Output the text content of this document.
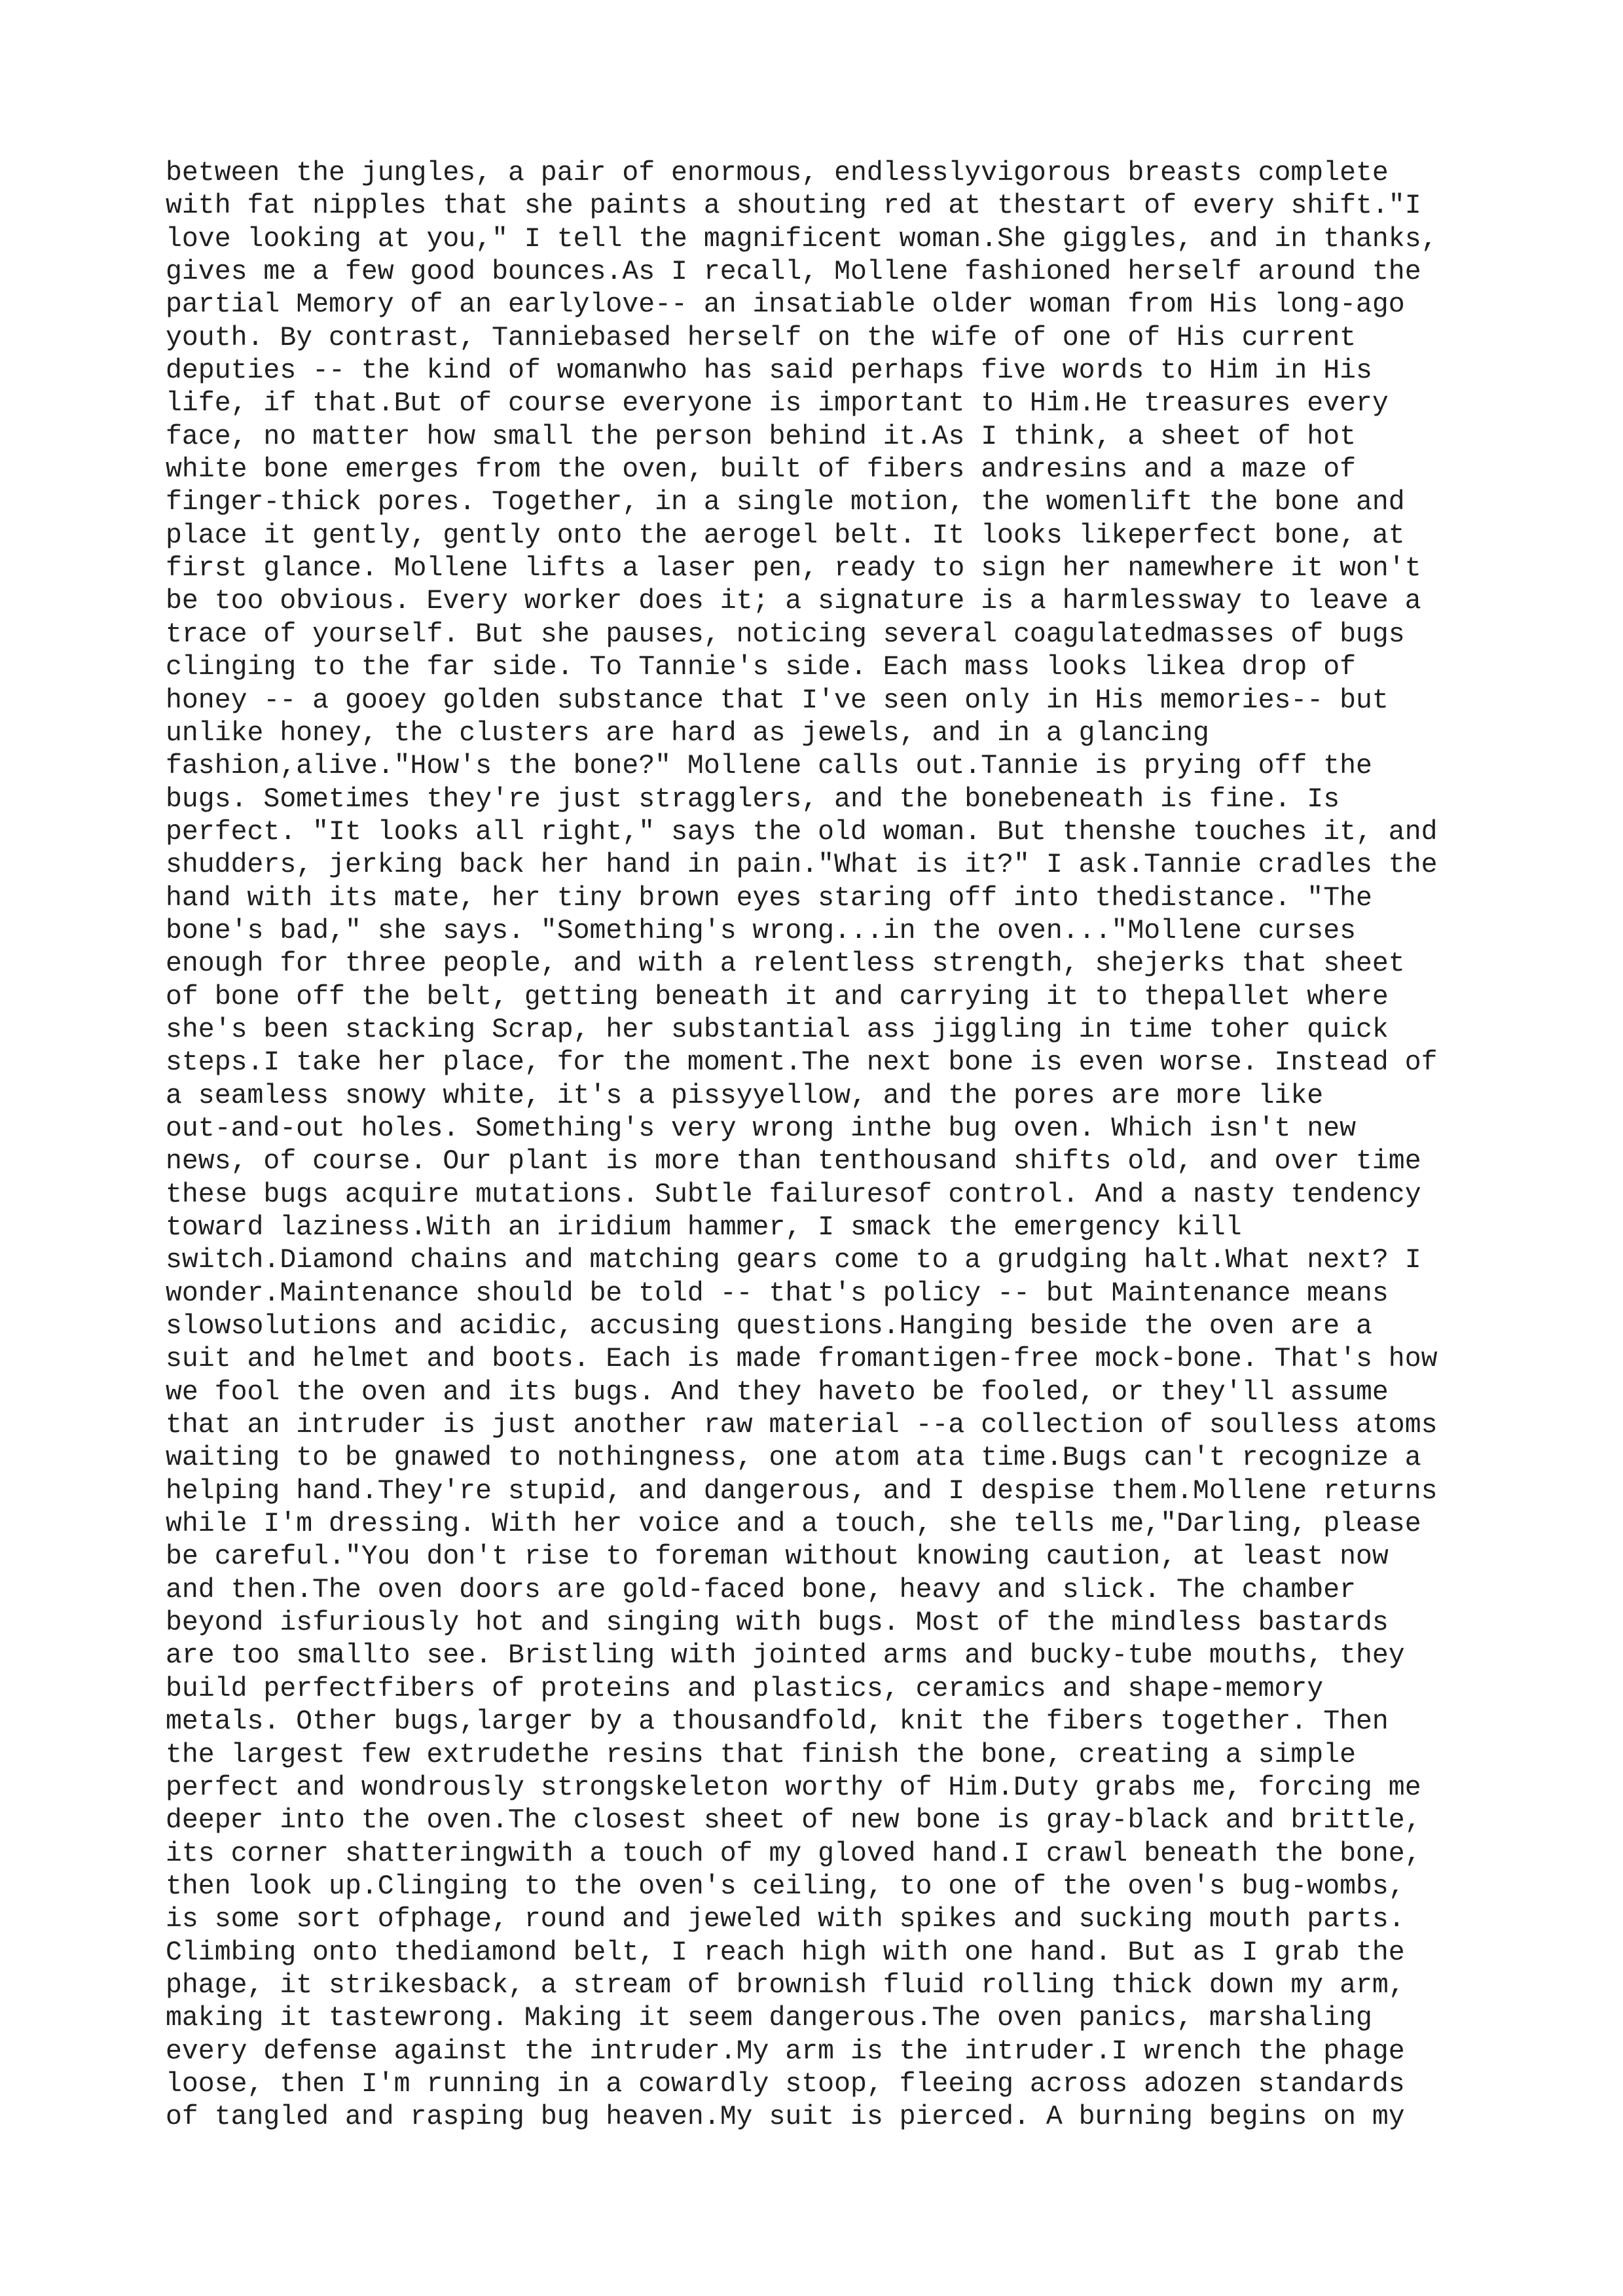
between the jungles, a pair of enormous, endlesslyvigorous breasts complete
with fat nipples that she paints a shouting red at thestart of every shift."I
love looking at you," I tell the magnificent woman.She giggles, and in thanks,
gives me a few good bounces.As I recall, Mollene fashioned herself around the
partial Memory of an earlylove-- an insatiable older woman from His long-ago
youth. By contrast, Tanniebased herself on the wife of one of His current
deputies -- the kind of womanwho has said perhaps five words to Him in His
life, if that.But of course everyone is important to Him.He treasures every
face, no matter how small the person behind it.As I think, a sheet of hot
white bone emerges from the oven, built of fibers andresins and a maze of
finger-thick pores. Together, in a single motion, the womenlift the bone and
place it gently, gently onto the aerogel belt. It looks likeperfect bone, at
first glance. Mollene lifts a laser pen, ready to sign her namewhere it won't
be too obvious. Every worker does it; a signature is a harmlessway to leave a
trace of yourself. But she pauses, noticing several coagulatedmasses of bugs
clinging to the far side. To Tannie's side. Each mass looks likea drop of
honey -- a gooey golden substance that I've seen only in His memories-- but
unlike honey, the clusters are hard as jewels, and in a glancing
fashion,alive."How's the bone?" Mollene calls out.Tannie is prying off the
bugs. Sometimes they're just stragglers, and the bonebeneath is fine. Is
perfect. "It looks all right," says the old woman. But thenshe touches it, and
shudders, jerking back her hand in pain."What is it?" I ask.Tannie cradles the
hand with its mate, her tiny brown eyes staring off into thedistance. "The
bone's bad," she says. "Something's wrong...in the oven..."Mollene curses
enough for three people, and with a relentless strength, shejerks that sheet
of bone off the belt, getting beneath it and carrying it to thepallet where
she's been stacking Scrap, her substantial ass jiggling in time toher quick
steps.I take her place, for the moment.The next bone is even worse. Instead of
a seamless snowy white, it's a pissyyellow, and the pores are more like
out-and-out holes. Something's very wrong inthe bug oven. Which isn't new
news, of course. Our plant is more than tenthousand shifts old, and over time
these bugs acquire mutations. Subtle failuresof control. And a nasty tendency
toward laziness.With an iridium hammer, I smack the emergency kill
switch.Diamond chains and matching gears come to a grudging halt.What next? I
wonder.Maintenance should be told -- that's policy -- but Maintenance means
slowsolutions and acidic, accusing questions.Hanging beside the oven are a
suit and helmet and boots. Each is made fromantigen-free mock-bone. That's how
we fool the oven and its bugs. And they haveto be fooled, or they'll assume
that an intruder is just another raw material --a collection of soulless atoms
waiting to be gnawed to nothingness, one atom ata time.Bugs can't recognize a
helping hand.They're stupid, and dangerous, and I despise them.Mollene returns
while I'm dressing. With her voice and a touch, she tells me,"Darling, please
be careful."You don't rise to foreman without knowing caution, at least now
and then.The oven doors are gold-faced bone, heavy and slick. The chamber
beyond isfuriously hot and singing with bugs. Most of the mindless bastards
are too smallto see. Bristling with jointed arms and bucky-tube mouths, they
build perfectfibers of proteins and plastics, ceramics and shape-memory
metals. Other bugs,larger by a thousandfold, knit the fibers together. Then
the largest few extrudethe resins that finish the bone, creating a simple
perfect and wondrously strongskeleton worthy of Him.Duty grabs me, forcing me
deeper into the oven.The closest sheet of new bone is gray-black and brittle,
its corner shatteringwith a touch of my gloved hand.I crawl beneath the bone,
then look up.Clinging to the oven's ceiling, to one of the oven's bug-wombs,
is some sort ofphage, round and jeweled with spikes and sucking mouth parts.
Climbing onto thediamond belt, I reach high with one hand. But as I grab the
phage, it strikesback, a stream of brownish fluid rolling thick down my arm,
making it tastewrong. Making it seem dangerous.The oven panics, marshaling
every defense against the intruder.My arm is the intruder.I wrench the phage
loose, then I'm running in a cowardly stoop, fleeing across adozen standards
of tangled and rasping bug heaven.My suit is pierced. A burning begins on my
